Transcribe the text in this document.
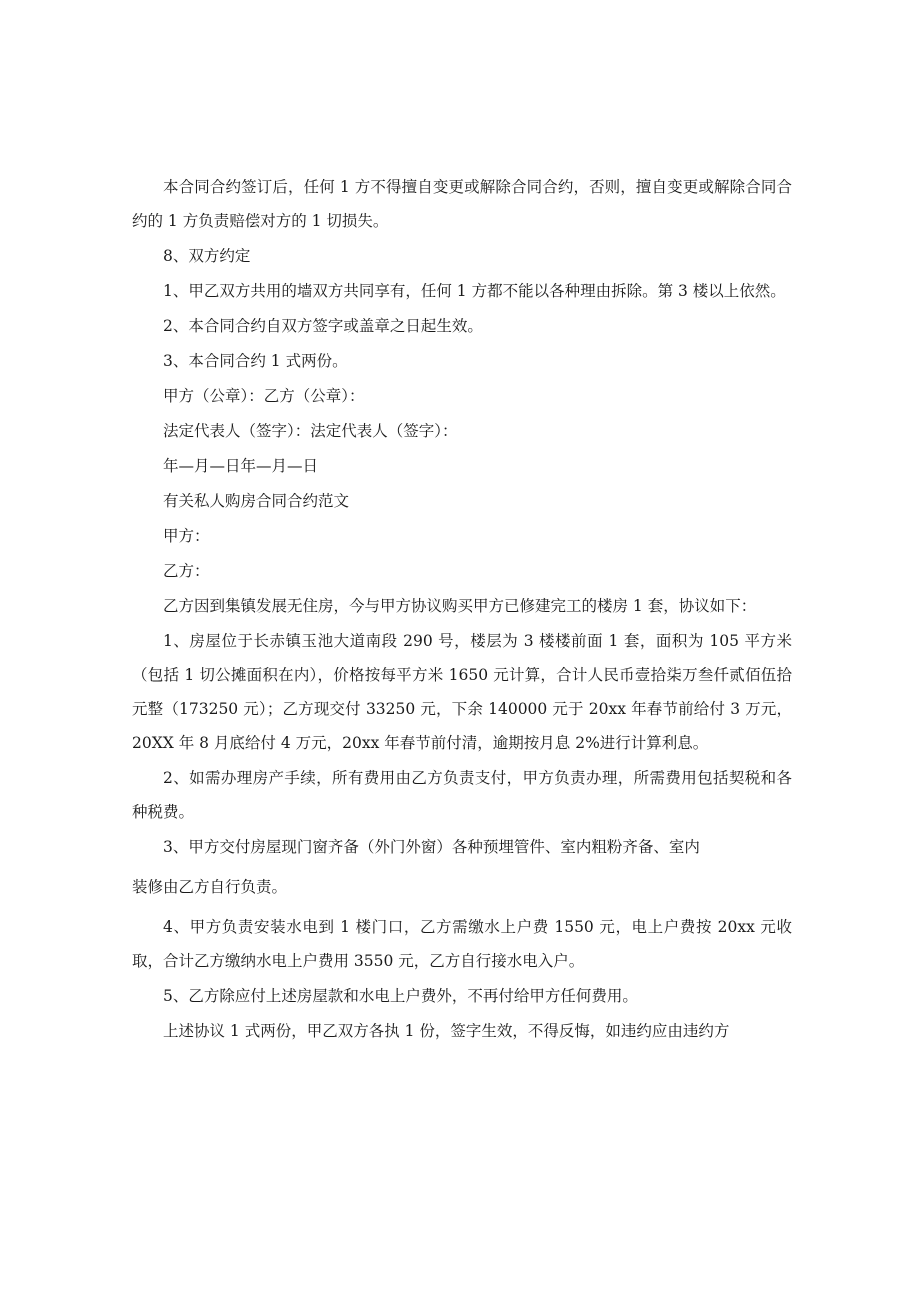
本合同合约签订后，任何 1 方不得擅自变更或解除合同合约，否则，擅自变更或解除合同合约的 1 方负责赔偿对方的 1 切损失。

8、双方约定

1、甲乙双方共用的墙双方共同享有，任何 1 方都不能以各种理由拆除。第 3 楼以上依然。

2、本合同合约自双方签字或盖章之日起生效。

3、本合同合约 1 式两份。

甲方（公章）：乙方（公章）：

法定代表人（签字）：法定代表人（签字）：

年—月—日年—月—日

有关私人购房合同合约范文

甲方：

乙方：

乙方因到集镇发展无住房，今与甲方协议购买甲方已修建完工的楼房 1 套，协议如下：

1、房屋位于长赤镇玉池大道南段 290 号，楼层为 3 楼楼前面 1 套，面积为 105 平方米（包括 1 切公摊面积在内），价格按每平方米 1650 元计算，合计人民币壹拾柒万叁仟贰佰伍拾元整（173250 元）；乙方现交付 33250 元，下余 140000 元于 20xx 年春节前给付 3 万元，20XX 年 8 月底给付 4 万元，20xx 年春节前付清，逾期按月息 2%进行计算利息。

2、如需办理房产手续，所有费用由乙方负责支付，甲方负责办理，所需费用包括契税和各种税费。

3、甲方交付房屋现门窗齐备（外门外窗）各种预埋管件、室内粗粉齐备、室内

装修由乙方自行负责。

4、甲方负责安装水电到 1 楼门口，乙方需缴水上户费 1550 元，电上户费按 20xx 元收取，合计乙方缴纳水电上户费用 3550 元，乙方自行接水电入户。

5、乙方除应付上述房屋款和水电上户费外，不再付给甲方任何费用。

上述协议 1 式两份，甲乙双方各执 1 份，签字生效，不得反悔，如违约应由违约方
